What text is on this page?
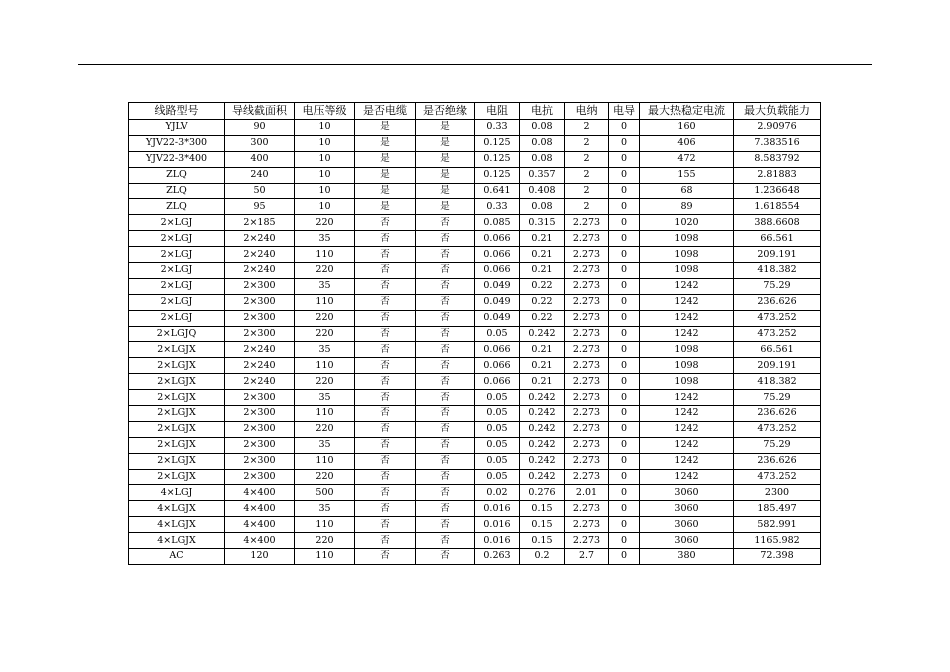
线路型号	导线截面积	电压等级	是否电缆	是否绝缘	电阻	电抗	电纳	电导	最大热稳定电流	最大负载能力
YJLV	90	10	是	是	0.33	0.08	2	0	160	2.90976
YJV22-3*300	300	10	是	是	0.125	0.08	2	0	406	7.383516
YJV22-3*400	400	10	是	是	0.125	0.08	2	0	472	8.583792
ZLQ	240	10	是	是	0.125	0.357	2	0	155	2.81883
ZLQ	50	10	是	是	0.641	0.408	2	0	68	1.236648
ZLQ	95	10	是	是	0.33	0.08	2	0	89	1.618554
2×LGJ	2×185	220	否	否	0.085	0.315	2.273	0	1020	388.6608
2×LGJ	2×240	35	否	否	0.066	0.21	2.273	0	1098	66.561
2×LGJ	2×240	110	否	否	0.066	0.21	2.273	0	1098	209.191
2×LGJ	2×240	220	否	否	0.066	0.21	2.273	0	1098	418.382
2×LGJ	2×300	35	否	否	0.049	0.22	2.273	0	1242	75.29
2×LGJ	2×300	110	否	否	0.049	0.22	2.273	0	1242	236.626
2×LGJ	2×300	220	否	否	0.049	0.22	2.273	0	1242	473.252
2×LGJQ	2×300	220	否	否	0.05	0.242	2.273	0	1242	473.252
2×LGJX	2×240	35	否	否	0.066	0.21	2.273	0	1098	66.561
2×LGJX	2×240	110	否	否	0.066	0.21	2.273	0	1098	209.191
2×LGJX	2×240	220	否	否	0.066	0.21	2.273	0	1098	418.382
2×LGJX	2×300	35	否	否	0.05	0.242	2.273	0	1242	75.29
2×LGJX	2×300	110	否	否	0.05	0.242	2.273	0	1242	236.626
2×LGJX	2×300	220	否	否	0.05	0.242	2.273	0	1242	473.252
2×LGJX	2×300	35	否	否	0.05	0.242	2.273	0	1242	75.29
2×LGJX	2×300	110	否	否	0.05	0.242	2.273	0	1242	236.626
2×LGJX	2×300	220	否	否	0.05	0.242	2.273	0	1242	473.252
4×LGJ	4×400	500	否	否	0.02	0.276	2.01	0	3060	2300
4×LGJX	4×400	35	否	否	0.016	0.15	2.273	0	3060	185.497
4×LGJX	4×400	110	否	否	0.016	0.15	2.273	0	3060	582.991
4×LGJX	4×400	220	否	否	0.016	0.15	2.273	0	3060	1165.982
AC	120	110	否	否	0.263	0.2	2.7	0	380	72.398
